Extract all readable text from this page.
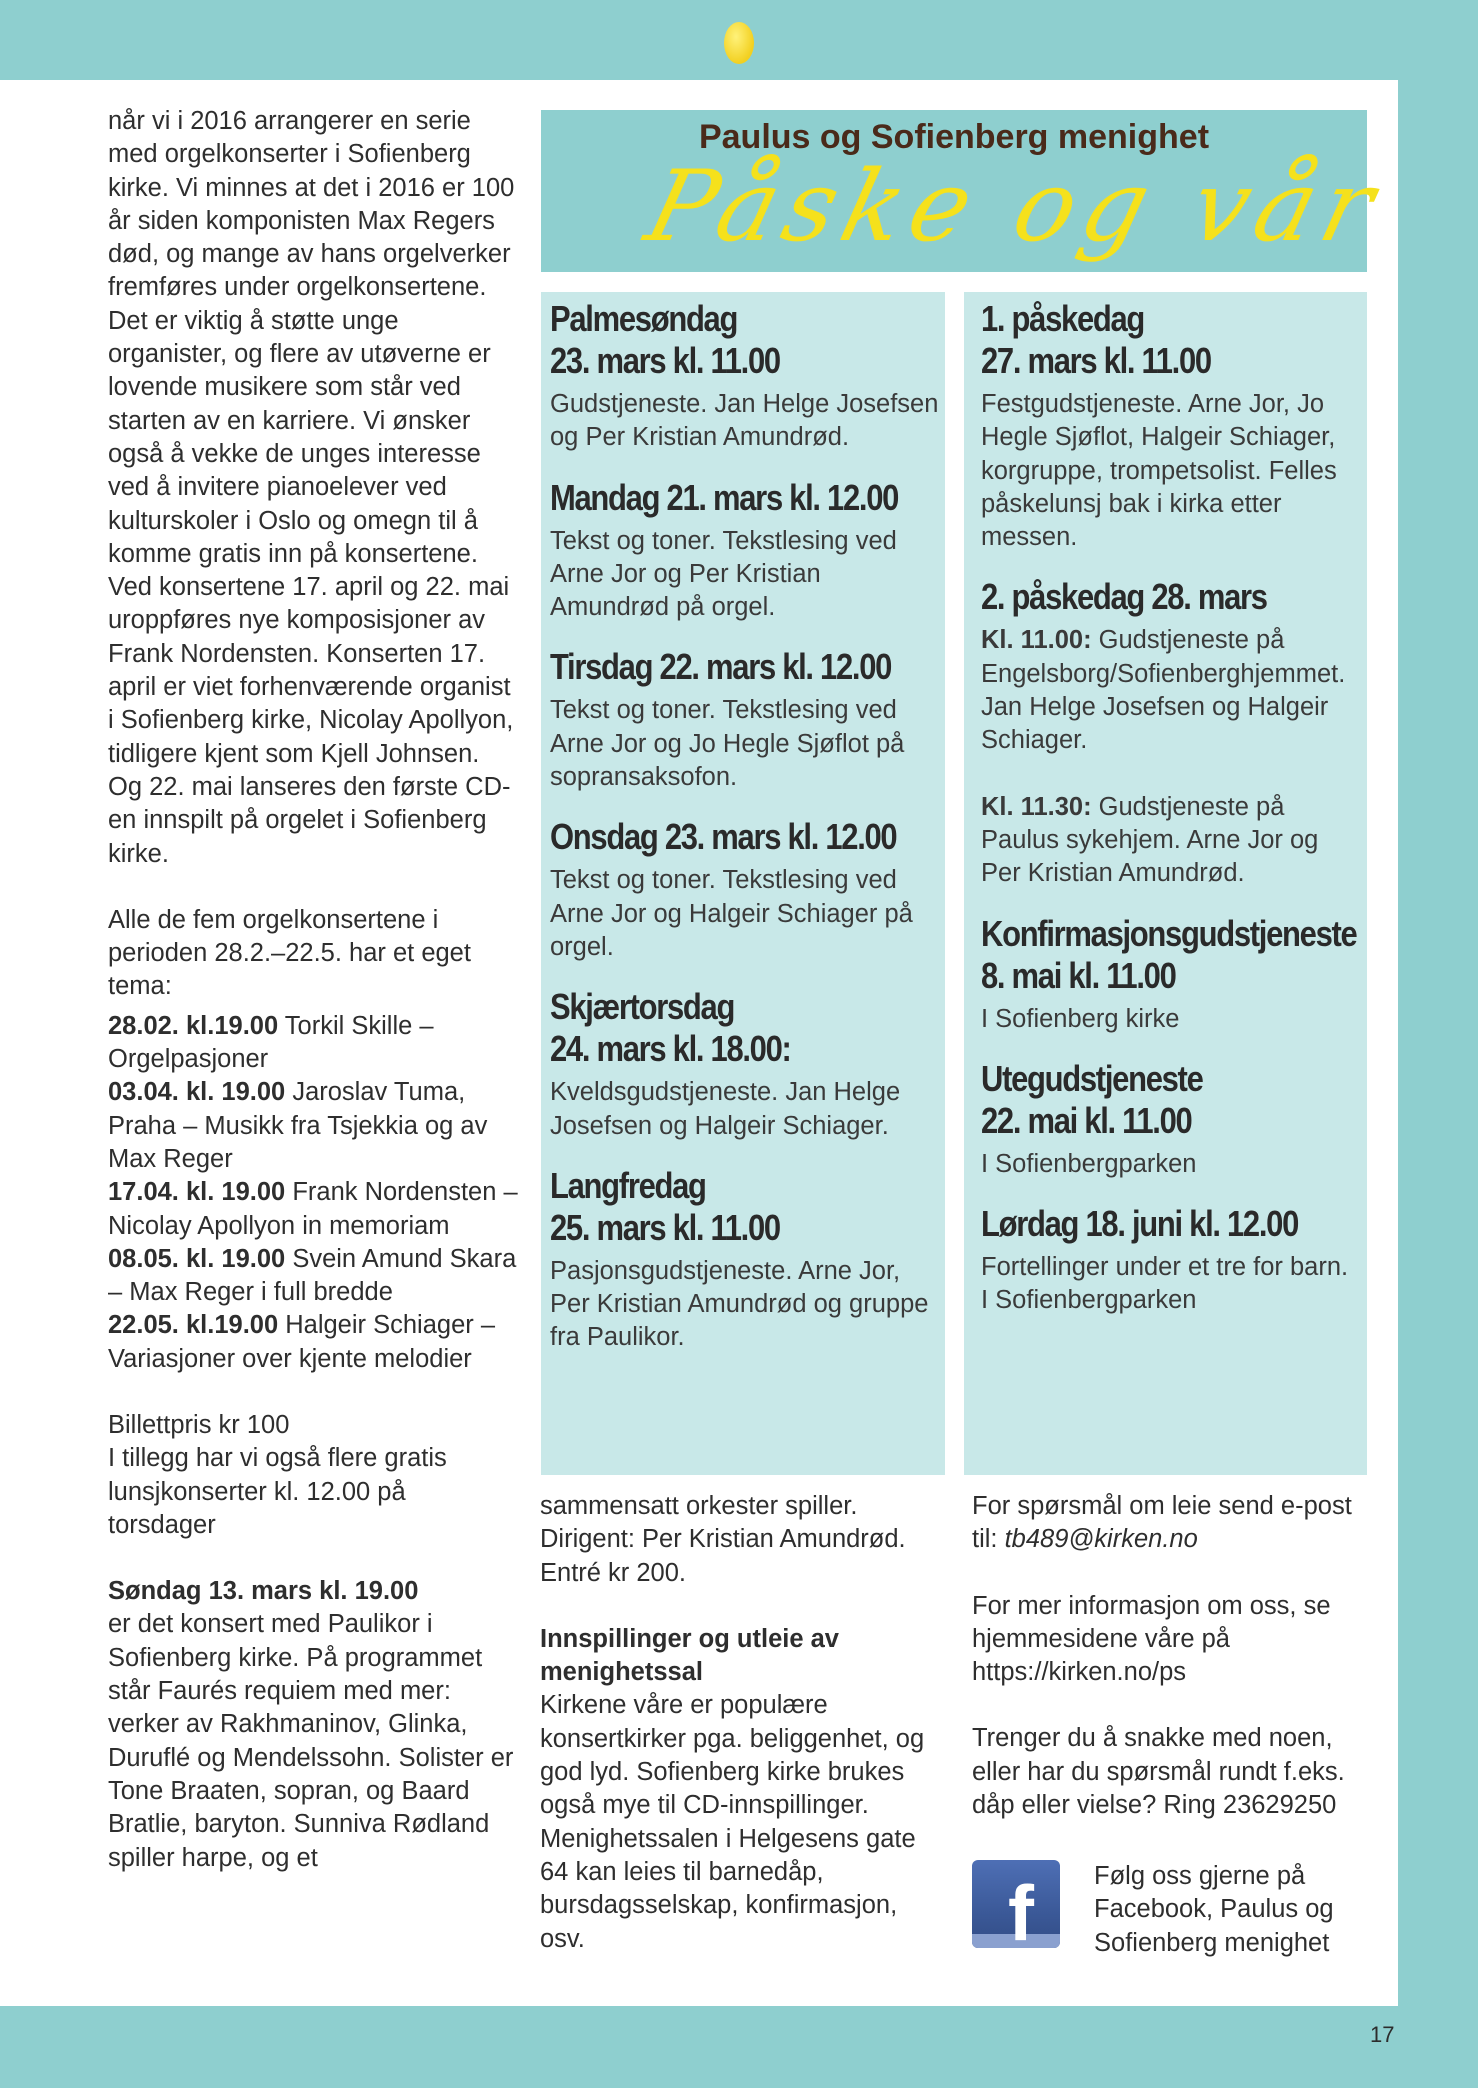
17

når vi i 2016 arrangerer en serie med orgelkonserter i Sofienberg kirke. Vi minnes at det i 2016 er 100 år siden komponisten Max Regers død, og mange av hans orgelverker fremføres under orgelkonsertene. Det er viktig å støtte unge organister, og flere av utøverne er lovende musikere som står ved starten av en karriere. Vi ønsker også å vekke de unges interesse ved å invitere pianoelever ved kulturskoler i Oslo og omegn til å komme gratis inn på konsertene. Ved konsertene 17. april og 22. mai uroppføres nye komposisjoner av Frank Nordensten. Konserten 17. april er viet forhenværende organist i Sofienberg kirke, Nicolay Apollyon, tidligere kjent som Kjell Johnsen. Og 22. mai lanseres den første CD-en innspilt på orgelet i Sofienberg kirke.

Alle de fem orgelkonsertene i perioden 28.2.–22.5. har et eget tema:

28.02. kl.19.00 Torkil Skille – Orgelpasjoner

03.04. kl. 19.00 Jaroslav Tuma, Praha – Musikk fra Tsjekkia og av Max Reger

17.04. kl. 19.00 Frank Nordensten – Nicolay Apollyon in memoriam

08.05. kl. 19.00 Svein Amund Skara – Max Reger i full bredde

22.05. kl.19.00 Halgeir Schiager – Variasjoner over kjente melodier

Billettpris kr 100

I tillegg har vi også flere gratis lunsjkonserter kl. 12.00 på torsdager

Søndag 13. mars kl. 19.00

er det konsert med Paulikor i Sofienberg kirke. På programmet står Faurés requiem med mer: verker av Rakhmaninov, Glinka, Duruflé og Mendelssohn. Solister er Tone Braaten, sopran, og Baard Bratlie, baryton. Sunniva Rødland spiller harpe, og et

Paulus og Sofienberg menighet
Påske og vår
Palmesøndag
23. mars kl. 11.00

Gudstjeneste. Jan Helge Josefsen og Per Kristian Amundrød.

Mandag 21. mars kl. 12.00

Tekst og toner. Tekstlesing ved Arne Jor og Per Kristian Amundrød på orgel.

Tirsdag 22. mars kl. 12.00

Tekst og toner. Tekstlesing ved Arne Jor og Jo Hegle Sjøflot på sopransaksofon.

Onsdag 23. mars kl. 12.00

Tekst og toner. Tekstlesing ved Arne Jor og Halgeir Schiager på orgel.

Skjærtorsdag
24. mars kl. 18.00:

Kveldsgudstjeneste. Jan Helge Josefsen og Halgeir Schiager.

Langfredag
25. mars kl. 11.00

Pasjonsgudstjeneste. Arne Jor, Per Kristian Amundrød og gruppe fra Paulikor.

1. påskedag
27. mars kl. 11.00

Festgudstjeneste. Arne Jor, Jo Hegle Sjøflot, Halgeir Schiager, korgruppe, trompetsolist. Felles påskelunsj bak i kirka etter messen.

2. påskedag 28. mars

Kl. 11.00: Gudstjeneste på Engelsborg/Sofienberghjemmet. Jan Helge Josefsen og Halgeir Schiager.

Kl. 11.30: Gudstjeneste på Paulus sykehjem. Arne Jor og Per Kristian Amundrød.

Konfirmasjonsgudstjeneste
8. mai kl. 11.00

I Sofienberg kirke

Utegudstjeneste
22. mai kl. 11.00

I Sofienbergparken

Lørdag 18. juni kl. 12.00

Fortellinger under et tre for barn. I Sofienbergparken

sammensatt orkester spiller. Dirigent: Per Kristian Amundrød. Entré kr 200.

Innspillinger og utleie av menighetssal

Kirkene våre er populære konsertkirker pga. beliggenhet, og god lyd. Sofienberg kirke brukes også mye til CD-innspillinger. Menighetssalen i Helgesens gate 64 kan leies til barnedåp, bursdagsselskap, konfirmasjon, osv.

For spørsmål om leie send e-post til: tb489@kirken.no

For mer informasjon om oss, se hjemmesidene våre på https://kirken.no/ps

Trenger du å snakke med noen, eller har du spørsmål rundt f.eks. dåp eller vielse? Ring 23629250

f Følg oss gjerne på Facebook, Paulus og Sofienberg menighet
